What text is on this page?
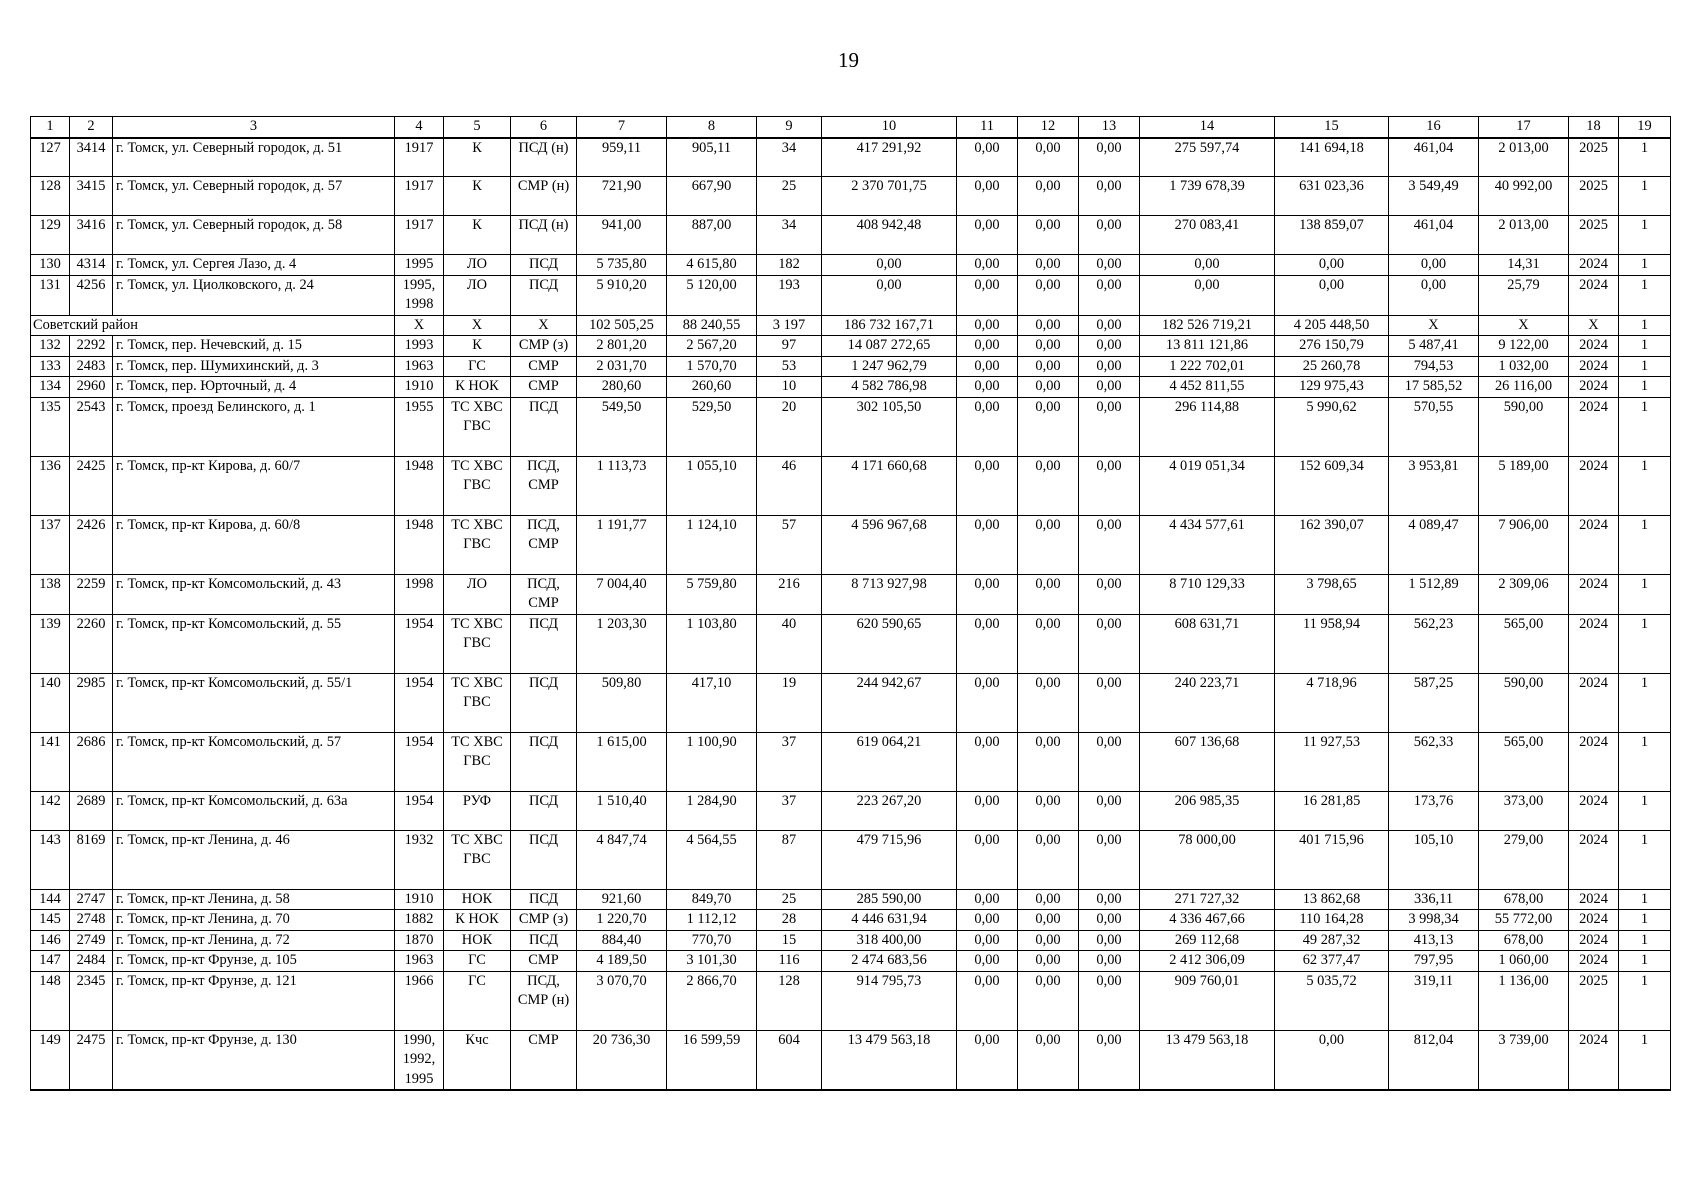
19
1	2	3	4	5	6	7	8	9	10	11	12	13	14	15	16	17	18	19
127	3414	г. Томск, ул. Северный городок, д. 51	1917	К	ПСД (н)	959,11	905,11	34	417 291,92	0,00	0,00	0,00	275 597,74	141 694,18	461,04	2 013,00	2025	1
128	3415	г. Томск, ул. Северный городок, д. 57	1917	К	СМР (н)	721,90	667,90	25	2 370 701,75	0,00	0,00	0,00	1 739 678,39	631 023,36	3 549,49	40 992,00	2025	1
129	3416	г. Томск, ул. Северный городок, д. 58	1917	К	ПСД (н)	941,00	887,00	34	408 942,48	0,00	0,00	0,00	270 083,41	138 859,07	461,04	2 013,00	2025	1
130	4314	г. Томск, ул. Сергея Лазо, д. 4	1995	ЛО	ПСД	5 735,80	4 615,80	182	0,00	0,00	0,00	0,00	0,00	0,00	0,00	14,31	2024	1
131	4256	г. Томск, ул. Циолковского, д. 24	1995, 1998	ЛО	ПСД	5 910,20	5 120,00	193	0,00	0,00	0,00	0,00	0,00	0,00	0,00	25,79	2024	1
Советский район			Х	Х	Х	102 505,25	88 240,55	3 197	186 732 167,71	0,00	0,00	0,00	182 526 719,21	4 205 448,50	Х	Х	Х	1
132	2292	г. Томск, пер. Нечевский, д. 15	1993	К	СМР (з)	2 801,20	2 567,20	97	14 087 272,65	0,00	0,00	0,00	13 811 121,86	276 150,79	5 487,41	9 122,00	2024	1
133	2483	г. Томск, пер. Шумихинский, д. 3	1963	ГС	СМР	2 031,70	1 570,70	53	1 247 962,79	0,00	0,00	0,00	1 222 702,01	25 260,78	794,53	1 032,00	2024	1
134	2960	г. Томск, пер. Юрточный, д. 4	1910	К НОК	СМР	280,60	260,60	10	4 582 786,98	0,00	0,00	0,00	4 452 811,55	129 975,43	17 585,52	26 116,00	2024	1
135	2543	г. Томск, проезд Белинского, д. 1	1955	ТС ХВС ГВС	ПСД	549,50	529,50	20	302 105,50	0,00	0,00	0,00	296 114,88	5 990,62	570,55	590,00	2024	1
136	2425	г. Томск, пр-кт Кирова, д. 60/7	1948	ТС ХВС ГВС	ПСД, СМР	1 113,73	1 055,10	46	4 171 660,68	0,00	0,00	0,00	4 019 051,34	152 609,34	3 953,81	5 189,00	2024	1
137	2426	г. Томск, пр-кт Кирова, д. 60/8	1948	ТС ХВС ГВС	ПСД, СМР	1 191,77	1 124,10	57	4 596 967,68	0,00	0,00	0,00	4 434 577,61	162 390,07	4 089,47	7 906,00	2024	1
138	2259	г. Томск, пр-кт Комсомольский, д. 43	1998	ЛО	ПСД, СМР	7 004,40	5 759,80	216	8 713 927,98	0,00	0,00	0,00	8 710 129,33	3 798,65	1 512,89	2 309,06	2024	1
139	2260	г. Томск, пр-кт Комсомольский, д. 55	1954	ТС ХВС ГВС	ПСД	1 203,30	1 103,80	40	620 590,65	0,00	0,00	0,00	608 631,71	11 958,94	562,23	565,00	2024	1
140	2985	г. Томск, пр-кт Комсомольский, д. 55/1	1954	ТС ХВС ГВС	ПСД	509,80	417,10	19	244 942,67	0,00	0,00	0,00	240 223,71	4 718,96	587,25	590,00	2024	1
141	2686	г. Томск, пр-кт Комсомольский, д. 57	1954	ТС ХВС ГВС	ПСД	1 615,00	1 100,90	37	619 064,21	0,00	0,00	0,00	607 136,68	11 927,53	562,33	565,00	2024	1
142	2689	г. Томск, пр-кт Комсомольский, д. 63а	1954	РУФ	ПСД	1 510,40	1 284,90	37	223 267,20	0,00	0,00	0,00	206 985,35	16 281,85	173,76	373,00	2024	1
143	8169	г. Томск, пр-кт Ленина, д. 46	1932	ТС ХВС ГВС	ПСД	4 847,74	4 564,55	87	479 715,96	0,00	0,00	0,00	78 000,00	401 715,96	105,10	279,00	2024	1
144	2747	г. Томск, пр-кт Ленина, д. 58	1910	НОК	ПСД	921,60	849,70	25	285 590,00	0,00	0,00	0,00	271 727,32	13 862,68	336,11	678,00	2024	1
145	2748	г. Томск, пр-кт Ленина, д. 70	1882	К НОК	СМР (з)	1 220,70	1 112,12	28	4 446 631,94	0,00	0,00	0,00	4 336 467,66	110 164,28	3 998,34	55 772,00	2024	1
146	2749	г. Томск, пр-кт Ленина, д. 72	1870	НОК	ПСД	884,40	770,70	15	318 400,00	0,00	0,00	0,00	269 112,68	49 287,32	413,13	678,00	2024	1
147	2484	г. Томск, пр-кт Фрунзе, д. 105	1963	ГС	СМР	4 189,50	3 101,30	116	2 474 683,56	0,00	0,00	0,00	2 412 306,09	62 377,47	797,95	1 060,00	2024	1
148	2345	г. Томск, пр-кт Фрунзе, д. 121	1966	ГС	ПСД, СМР (н)	3 070,70	2 866,70	128	914 795,73	0,00	0,00	0,00	909 760,01	5 035,72	319,11	1 136,00	2025	1
149	2475	г. Томск, пр-кт Фрунзе, д. 130	1990, 1992, 1995	Кчс	СМР	20 736,30	16 599,59	604	13 479 563,18	0,00	0,00	0,00	13 479 563,18	0,00	812,04	3 739,00	2024	1
